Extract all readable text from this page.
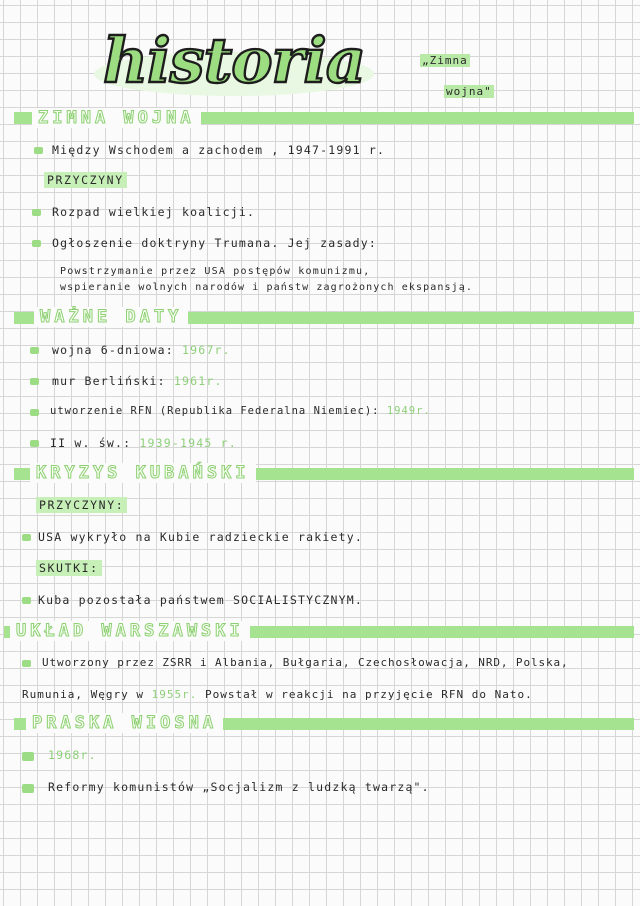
historia	„Zimna
wojna"
ZIMNA WOJNA
Między Wschodem a zachodem , 1947-1991 r.
PRZYCZYNY
Rozpad wielkiej koalicji.
Ogłoszenie doktryny Trumana. Jej zasady:
Powstrzymanie przez USA postępów komunizmu,
wspieranie wolnych narodów i państw zagrożonych ekspansją.
WAŻNE DATY
wojna 6-dniowa: 1967r.
mur Berliński: 1961r.
utworzenie RFN (Republika Federalna Niemiec): 1949r.
II w. św.: 1939-1945 r.
KRYZYS KUBAŃSKI
PRZYCZYNY:
USA wykryło na Kubie radzieckie rakiety.
SKUTKI:
Kuba pozostała państwem SOCIALISTYCZNYM.
UKŁAD WARSZAWSKI
Utworzony przez ZSRR i Albania, Bułgaria, Czechosłowacja, NRD, Polska,
Rumunia, Węgry w 1955r. Powstał w reakcji na przyjęcie RFN do Nato.
PRASKA WIOSNA
1968r.
Reformy komunistów „Socjalizm z ludzką twarzą".
